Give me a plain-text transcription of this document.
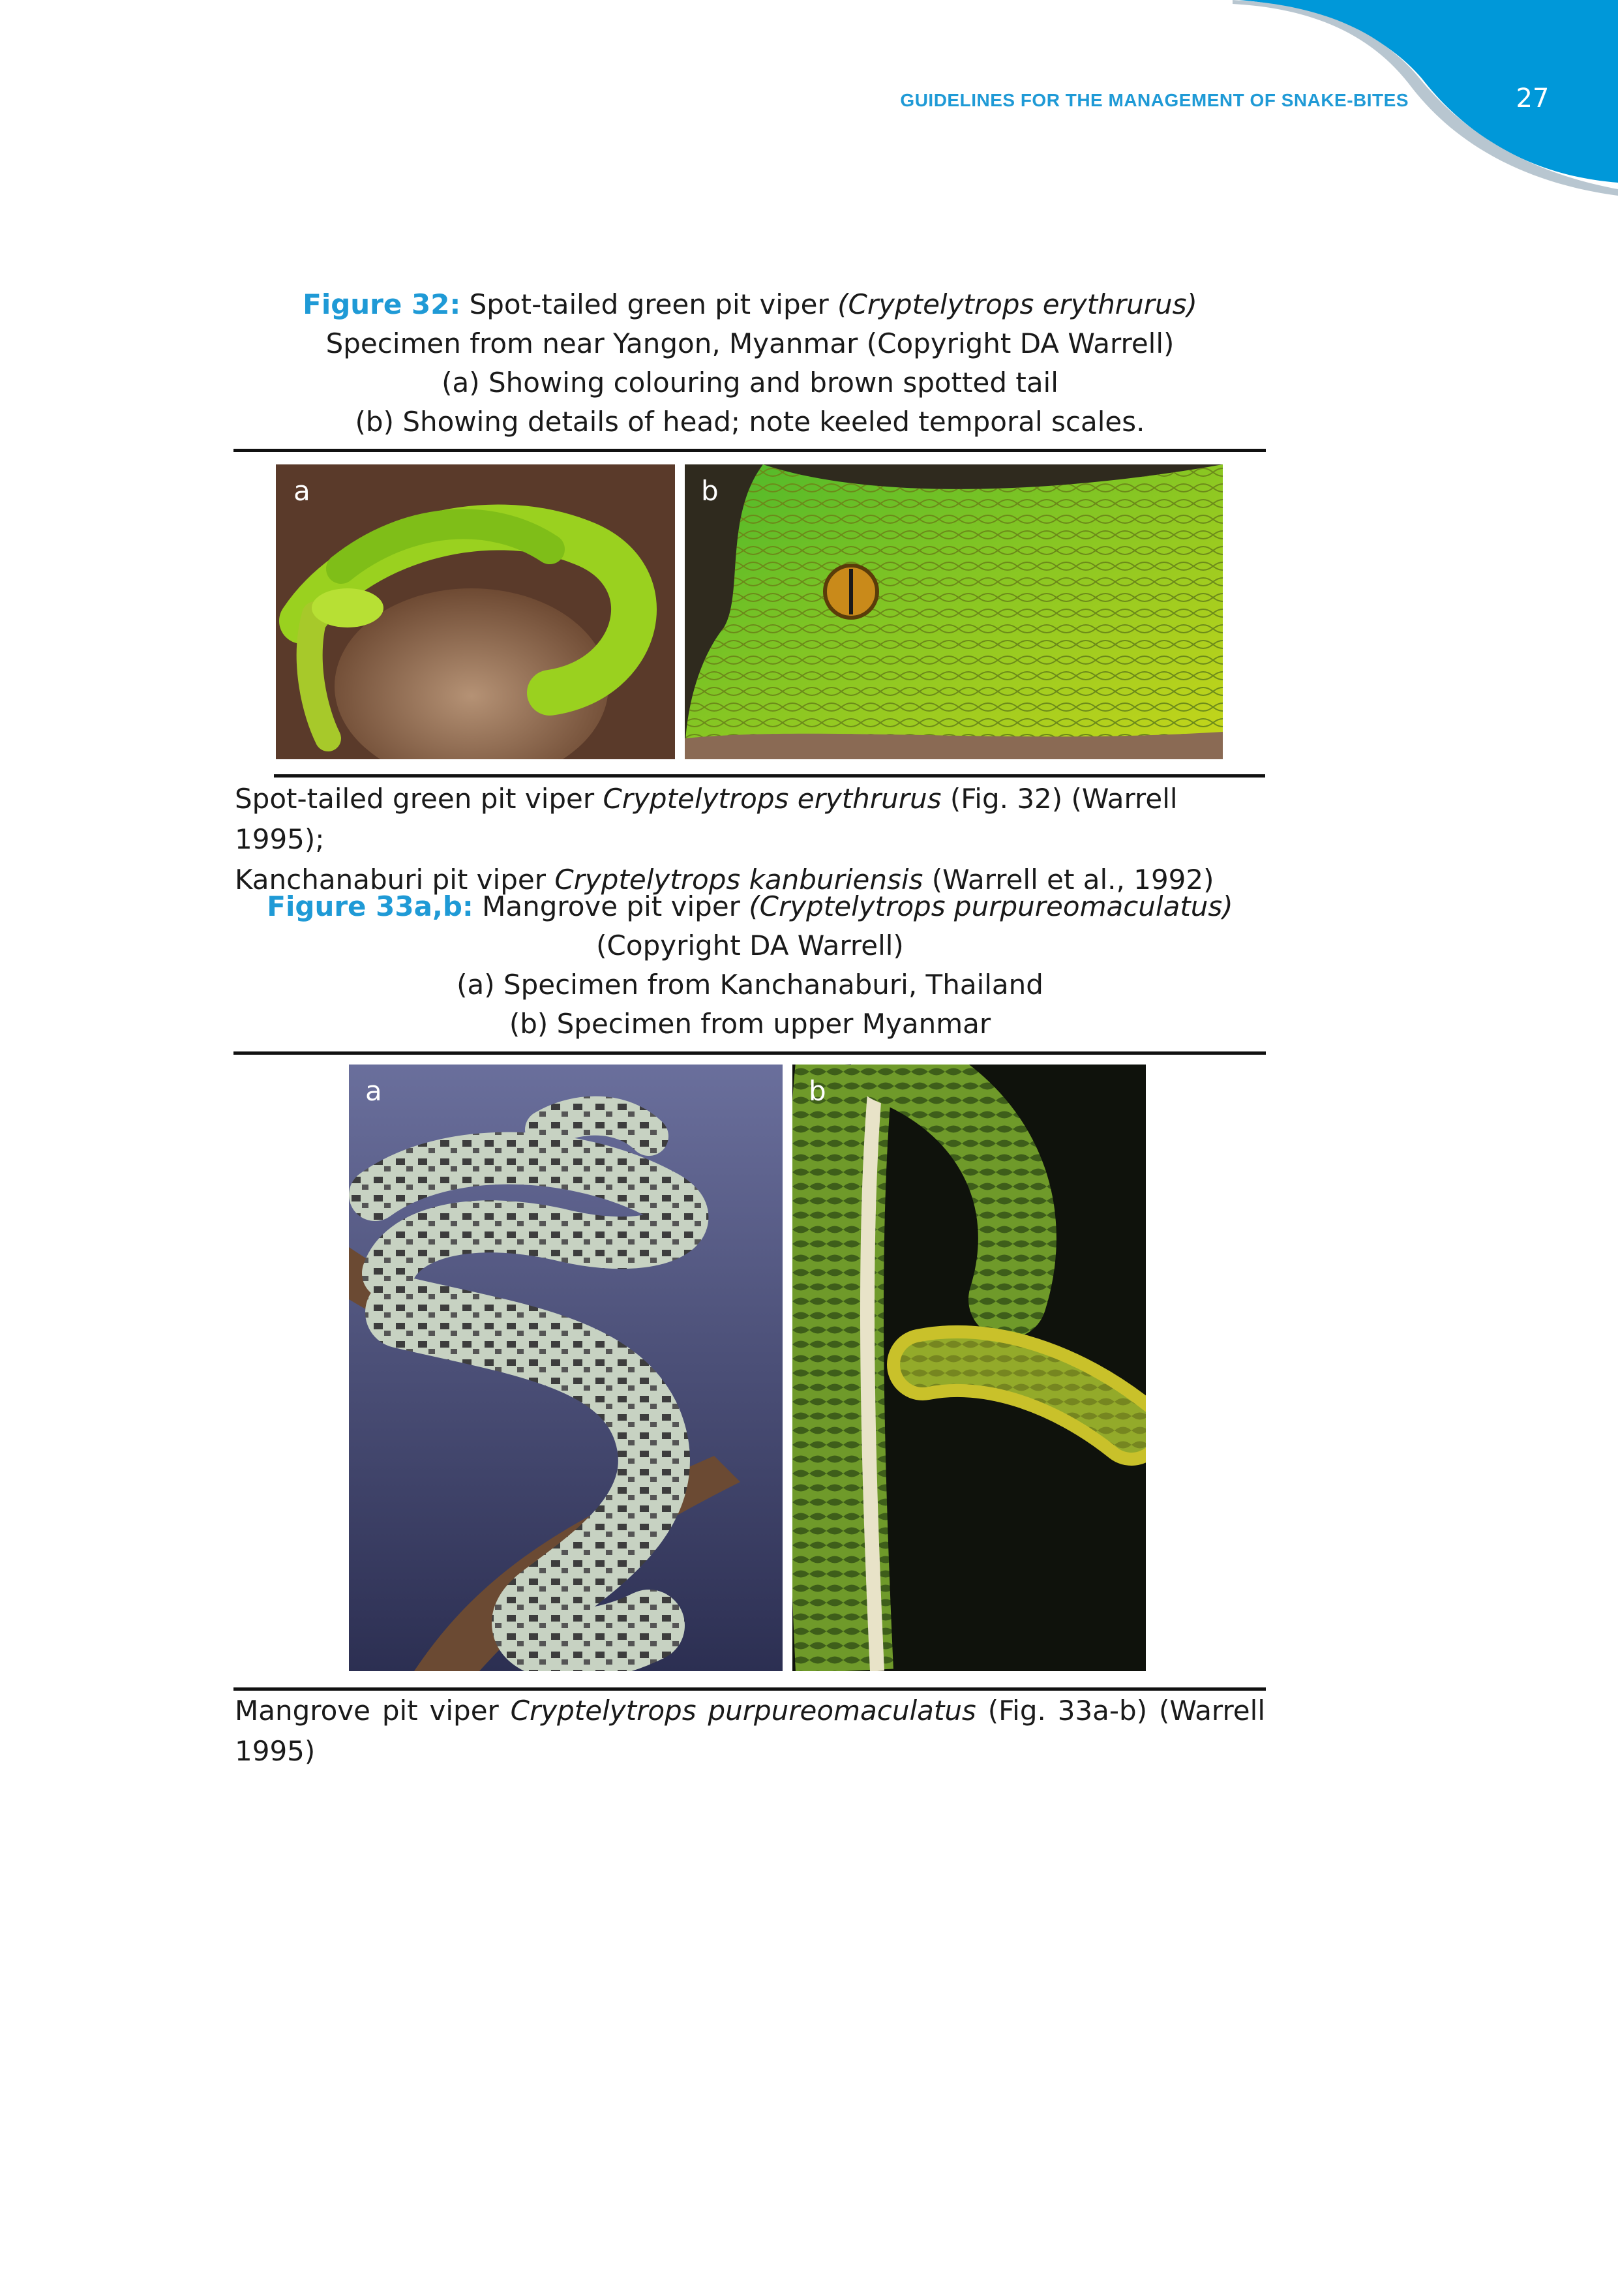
GUIDELINES FOR THE MANAGEMENT OF SNAKE-BITES	27
Figure 32: Spot-tailed green pit viper (Cryptelytrops erythrurus)
Specimen from near Yangon, Myanmar (Copyright DA Warrell)
(a) Showing colouring and brown spotted tail
(b) Showing details of head; note keeled temporal scales.
a	b
Spot-tailed green pit viper Cryptelytrops erythrurus (Fig. 32) (Warrell 1995);
Kanchanaburi pit viper Cryptelytrops kanburiensis (Warrell et al., 1992)
Figure 33a,b: Mangrove pit viper (Cryptelytrops purpureomaculatus)
(Copyright DA Warrell)
(a) Specimen from Kanchanaburi, Thailand
(b) Specimen from upper Myanmar
a	b
Mangrove pit viper Cryptelytrops purpureomaculatus (Fig. 33a-b) (Warrell 1995)
